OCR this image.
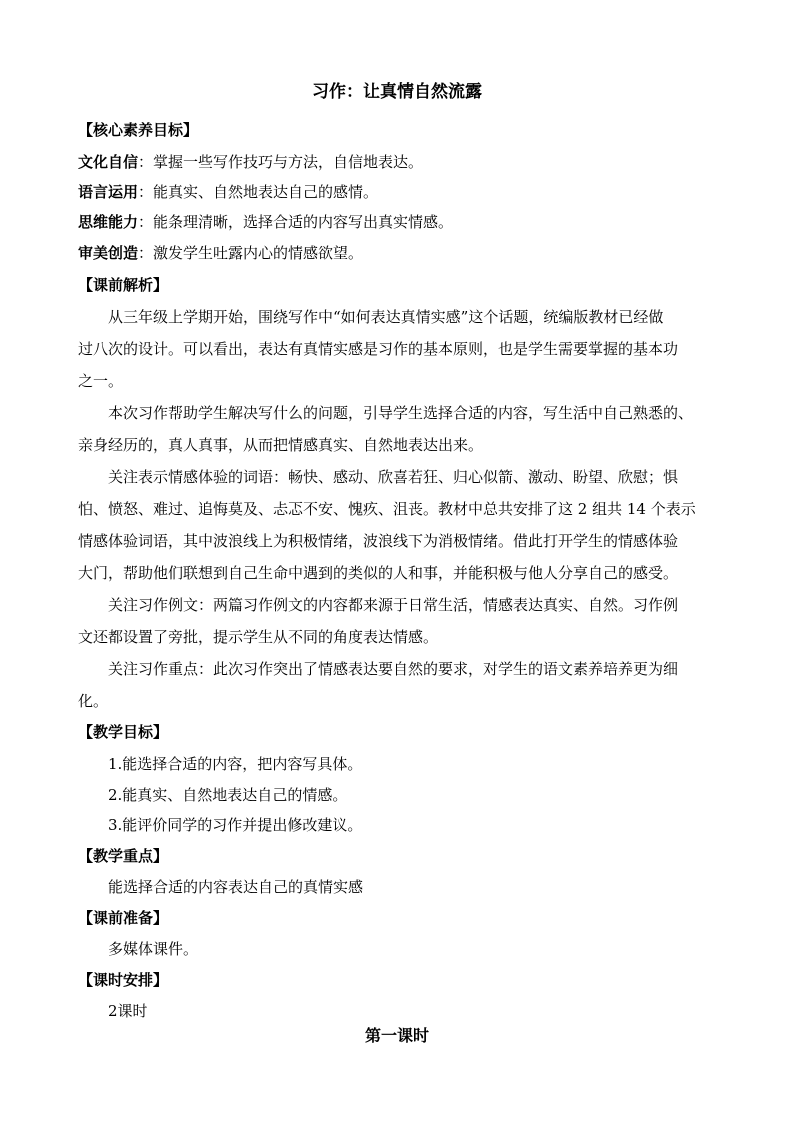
习作：让真情自然流露
【核心素养目标】
文化自信：掌握一些写作技巧与方法，自信地表达。
语言运用：能真实、自然地表达自己的感情。
思维能力：能条理清晰，选择合适的内容写出真实情感。
审美创造：激发学生吐露内心的情感欲望。
【课前解析】
从三年级上学期开始，围绕写作中“如何表达真情实感”这个话题，统编版教材已经做
过八次的设计。可以看出，表达有真情实感是习作的基本原则，也是学生需要掌握的基本功
之一。
本次习作帮助学生解决写什么的问题，引导学生选择合适的内容，写生活中自己熟悉的、
亲身经历的，真人真事，从而把情感真实、自然地表达出来。
关注表示情感体验的词语：畅快、感动、欣喜若狂、归心似箭、激动、盼望、欣慰；惧
怕、愤怒、难过、追悔莫及、忐忑不安、愧疚、沮丧。教材中总共安排了这 2 组共 14 个表示
情感体验词语，其中波浪线上为积极情绪，波浪线下为消极情绪。借此打开学生的情感体验
大门，帮助他们联想到自己生命中遇到的类似的人和事，并能积极与他人分享自己的感受。
关注习作例文：两篇习作例文的内容都来源于日常生活，情感表达真实、自然。习作例
文还都设置了旁批，提示学生从不同的角度表达情感。
关注习作重点：此次习作突出了情感表达要自然的要求，对学生的语文素养培养更为细
化。
【教学目标】
1.能选择合适的内容，把内容写具体。
2.能真实、自然地表达自己的情感。
3.能评价同学的习作并提出修改建议。
【教学重点】
能选择合适的内容表达自己的真情实感
【课前准备】
多媒体课件。
【课时安排】
2课时
第一课时
